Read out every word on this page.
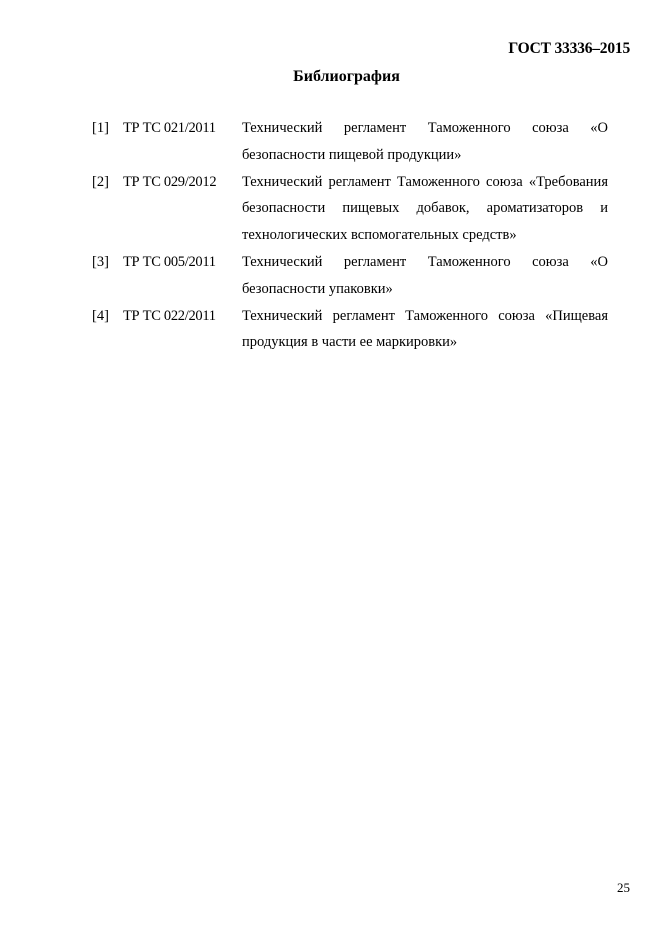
ГОСТ 33336–2015
Библиография
[1] ТР ТС 021/2011	Технический регламент Таможенного союза «О безопасности пищевой продукции»
[2] ТР ТС 029/2012	Технический регламент Таможенного союза «Требования безопасности пищевых добавок, ароматизаторов и технологических вспомогательных средств»
[3] ТР ТС 005/2011	Технический регламент Таможенного союза «О безопасности упаковки»
[4] ТР ТС 022/2011	Технический регламент Таможенного союза «Пищевая продукция в части ее маркировки»
25
